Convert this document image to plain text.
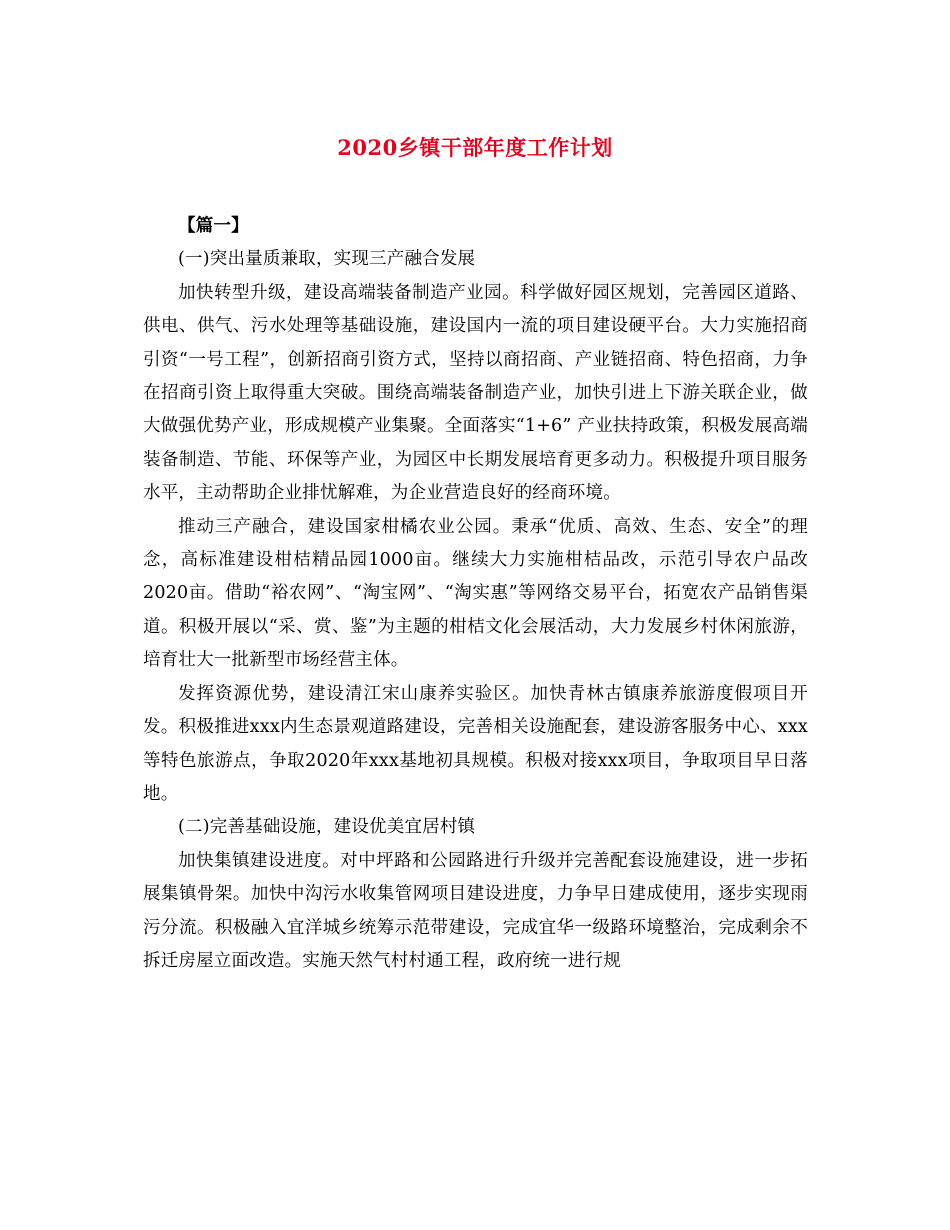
2020乡镇干部年度工作计划

【篇一】

(一)突出量质兼取，实现三产融合发展

加快转型升级，建设高端装备制造产业园。科学做好园区规划，完善园区道路、供电、供气、污水处理等基础设施，建设国内一流的项目建设硬平台。大力实施招商引资“一号工程”，创新招商引资方式，坚持以商招商、产业链招商、特色招商，力争在招商引资上取得重大突破。围绕高端装备制造产业，加快引进上下游关联企业，做大做强优势产业，形成规模产业集聚。全面落实“1+6” 产业扶持政策，积极发展高端装备制造、节能、环保等产业，为园区中长期发展培育更多动力。积极提升项目服务水平，主动帮助企业排忧解难，为企业营造良好的经商环境。

推动三产融合，建设国家柑橘农业公园。秉承“优质、高效、生态、安全”的理念，高标准建设柑桔精品园1000亩。继续大力实施柑桔品改，示范引导农户品改2020亩。借助“裕农网”、“淘宝网”、“淘实惠”等网络交易平台，拓宽农产品销售渠道。积极开展以“采、赏、鉴”为主题的柑桔文化会展活动，大力发展乡村休闲旅游，培育壮大一批新型市场经营主体。

发挥资源优势，建设清江宋山康养实验区。加快青林古镇康养旅游度假项目开发。积极推进xxx内生态景观道路建设，完善相关设施配套，建设游客服务中心、xxx等特色旅游点，争取2020年xxx基地初具规模。积极对接xxx项目，争取项目早日落地。

(二)完善基础设施，建设优美宜居村镇

加快集镇建设进度。对中坪路和公园路进行升级并完善配套设施建设，进一步拓展集镇骨架。加快中沟污水收集管网项目建设进度，力争早日建成使用，逐步实现雨污分流。积极融入宜洋城乡统筹示范带建设，完成宜华一级路环境整治，完成剩余不拆迁房屋立面改造。实施天然气村村通工程，政府统一进行规
